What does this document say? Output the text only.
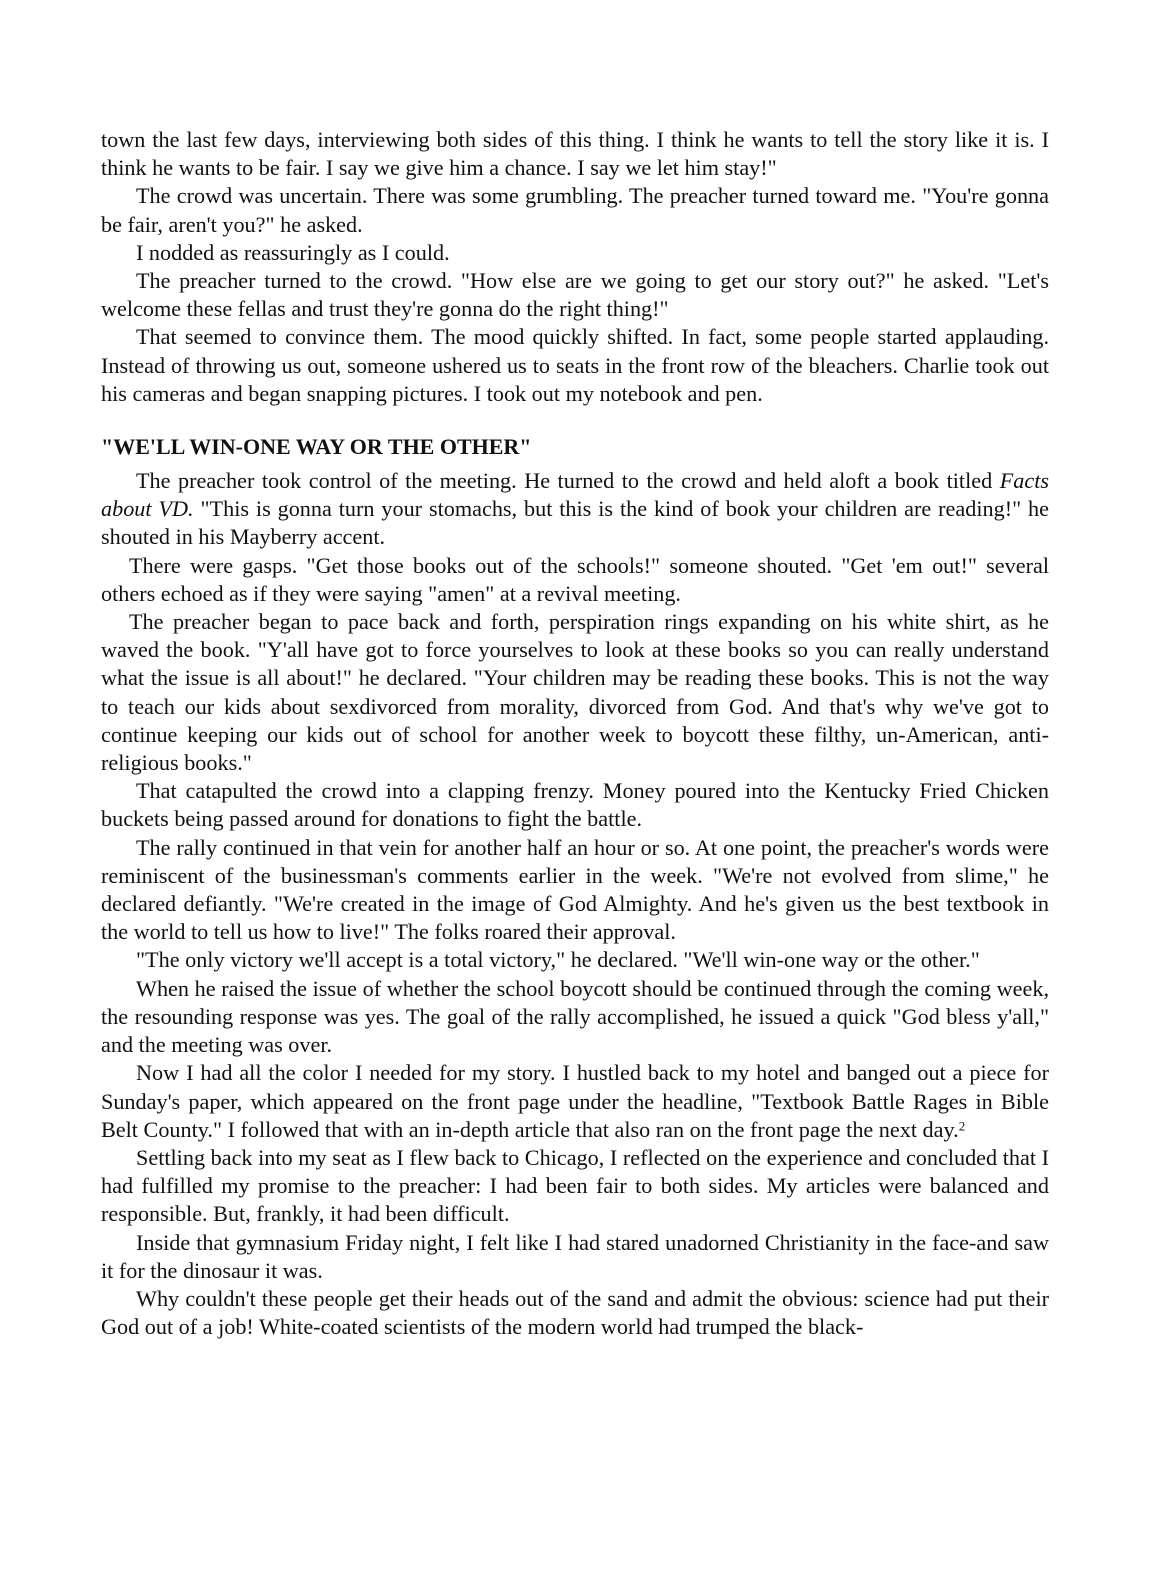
town the last few days, interviewing both sides of this thing. I think he wants to tell the story like it is. I think he wants to be fair. I say we give him a chance. I say we let him stay!"

The crowd was uncertain. There was some grumbling. The preacher turned toward me. "You're gonna be fair, aren't you?" he asked.

I nodded as reassuringly as I could.

The preacher turned to the crowd. "How else are we going to get our story out?" he asked. "Let's welcome these fellas and trust they're gonna do the right thing!"

That seemed to convince them. The mood quickly shifted. In fact, some people started applauding. Instead of throwing us out, someone ushered us to seats in the front row of the bleachers. Charlie took out his cameras and began snapping pictures. I took out my notebook and pen.

"WE'LL WIN-ONE WAY OR THE OTHER"

The preacher took control of the meeting. He turned to the crowd and held aloft a book titled Facts about VD. "This is gonna turn your stomachs, but this is the kind of book your children are reading!" he shouted in his Mayberry accent.

There were gasps. "Get those books out of the schools!" someone shouted. "Get 'em out!" several others echoed as if they were saying "amen" at a revival meeting.

The preacher began to pace back and forth, perspiration rings expanding on his white shirt, as he waved the book. "Y'all have got to force yourselves to look at these books so you can really understand what the issue is all about!" he declared. "Your children may be reading these books. This is not the way to teach our kids about sexdivorced from morality, divorced from God. And that's why we've got to continue keeping our kids out of school for another week to boycott these filthy, un-American, anti-religious books."

That catapulted the crowd into a clapping frenzy. Money poured into the Kentucky Fried Chicken buckets being passed around for donations to fight the battle.

The rally continued in that vein for another half an hour or so. At one point, the preacher's words were reminiscent of the businessman's comments earlier in the week. "We're not evolved from slime," he declared defiantly. "We're created in the image of God Almighty. And he's given us the best textbook in the world to tell us how to live!" The folks roared their approval.

"The only victory we'll accept is a total victory," he declared. "We'll win-one way or the other."

When he raised the issue of whether the school boycott should be continued through the coming week, the resounding response was yes. The goal of the rally accomplished, he issued a quick "God bless y'all," and the meeting was over.

Now I had all the color I needed for my story. I hustled back to my hotel and banged out a piece for Sunday's paper, which appeared on the front page under the headline, "Textbook Battle Rages in Bible Belt County." I followed that with an in-depth article that also ran on the front page the next day.$^2$

Settling back into my seat as I flew back to Chicago, I reflected on the experience and concluded that I had fulfilled my promise to the preacher: I had been fair to both sides. My articles were balanced and responsible. But, frankly, it had been difficult.

Inside that gymnasium Friday night, I felt like I had stared unadorned Christianity in the face-and saw it for the dinosaur it was.

Why couldn't these people get their heads out of the sand and admit the obvious: science had put their God out of a job! White-coated scientists of the modern world had trumped the black-
